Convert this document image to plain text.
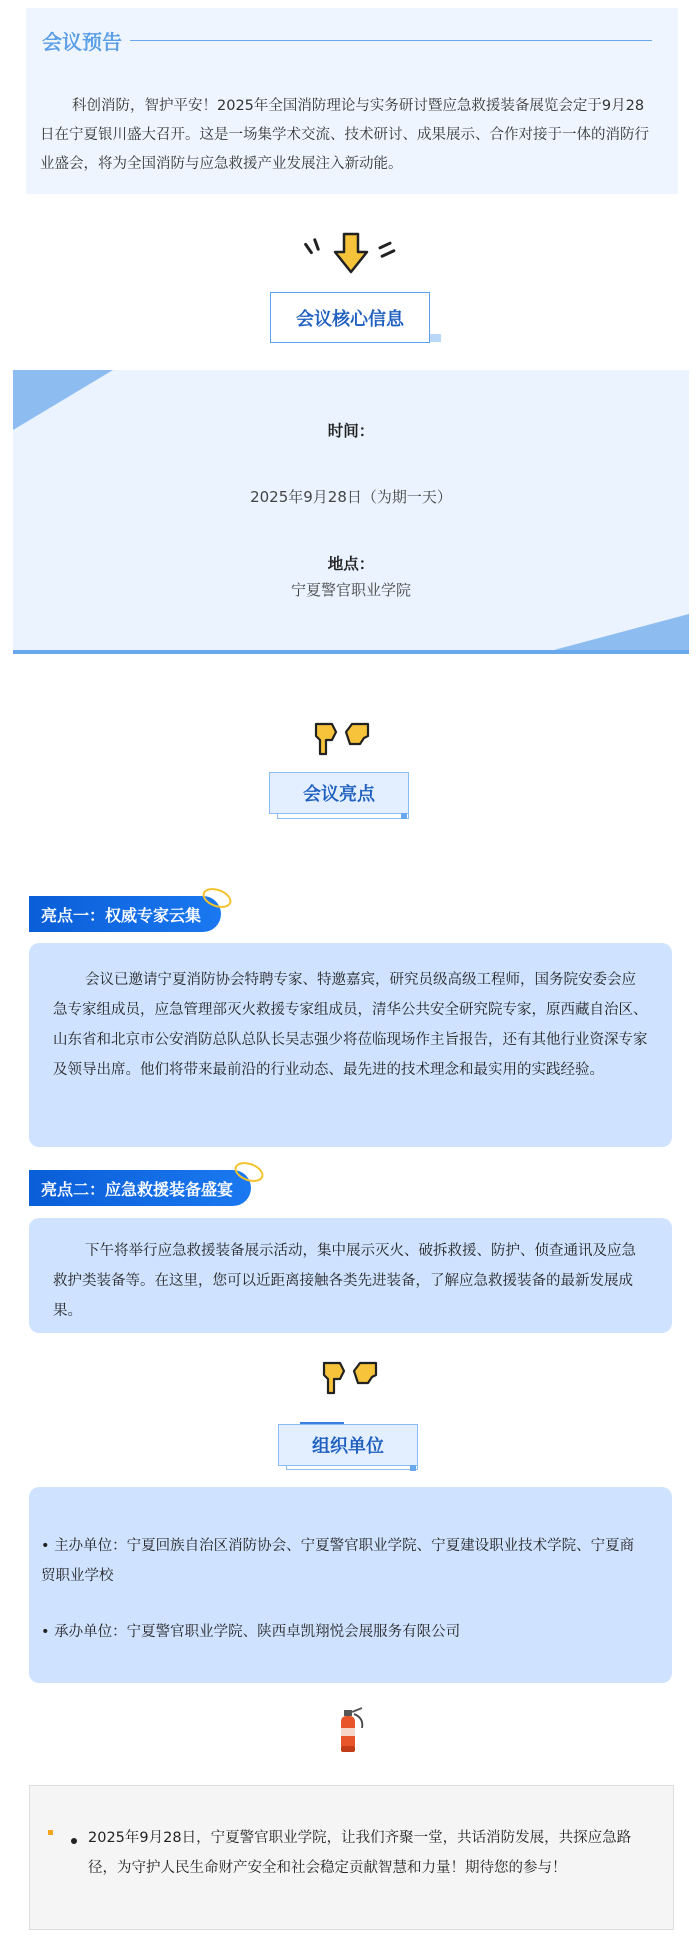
会议预告

科创消防，智护平安！2025年全国消防理论与实务研讨暨应急救援装备展览会定于9月28日在宁夏银川盛大召开。这是一场集学术交流、技术研讨、成果展示、合作对接于一体的消防行业盛会，将为全国消防与应急救援产业发展注入新动能。

会议核心信息
时间：
2025年9月28日（为期一天）
地点：
宁夏警官职业学院
会议亮点
亮点一：权威专家云集

会议已邀请宁夏消防协会特聘专家、特邀嘉宾，研究员级高级工程师，国务院安委会应急专家组成员，应急管理部灭火救援专家组成员，清华公共安全研究院专家，原西藏自治区、山东省和北京市公安消防总队总队长吴志强少将莅临现场作主旨报告，还有其他行业资深专家及领导出席。他们将带来最前沿的行业动态、最先进的技术理念和最实用的实践经验。

亮点二：应急救援装备盛宴

下午将举行应急救援装备展示活动，集中展示灭火、破拆救援、防护、侦查通讯及应急救护类装备等。在这里，您可以近距离接触各类先进装备，了解应急救援装备的最新发展成果。

组织单位

• 主办单位：宁夏回族自治区消防协会、宁夏警官职业学院、宁夏建设职业技术学院、宁夏商贸职业学校

• 承办单位：宁夏警官职业学院、陕西卓凯翔悦会展服务有限公司

2025年9月28日，宁夏警官职业学院，让我们齐聚一堂，共话消防发展，共探应急路径，为守护人民生命财产安全和社会稳定贡献智慧和力量！期待您的参与！
